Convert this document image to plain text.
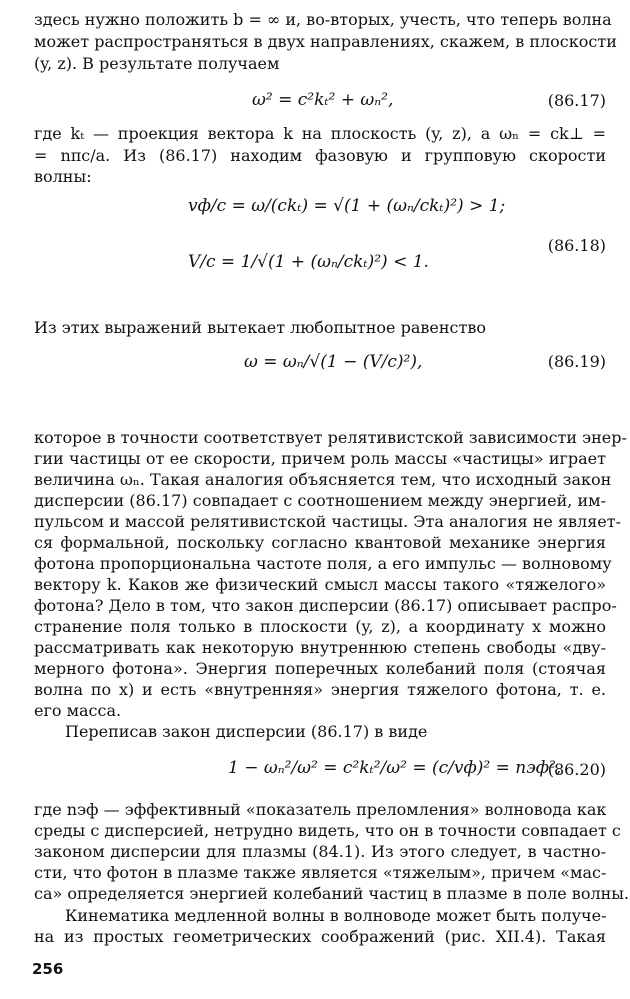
здесь нужно положить b = ∞ и, во-вторых, учесть, что теперь волна
может распространяться в двух направлениях, скажем, в плоскости
(y, z). В результате получаем
ω² = c²kₜ² + ωₙ²,	(86.17)
где kₜ — проекция вектора k на плоскость (y, z), а ωₙ = ck⊥ =
= nπc/a. Из (86.17) находим фазовую и групповую скорости
волны:
vф/c = ω/(ckₜ) = √(1 + (ωₙ/ckₜ)²) > 1;
V/c = 1/√(1 + (ωₙ/ckₜ)²) < 1.
(86.18)
Из этих выражений вытекает любопытное равенство
ω = ωₙ/√(1 − (V/c)²),	(86.19)
которое в точности соответствует релятивистской зависимости энер-
гии частицы от ее скорости, причем роль массы «частицы» играет
величина ωₙ. Такая аналогия объясняется тем, что исходный закон
дисперсии (86.17) совпадает с соотношением между энергией, им-
пульсом и массой релятивистской частицы. Эта аналогия не являет-
ся формальной, поскольку согласно квантовой механике энергия
фотона пропорциональна частоте поля, а его импульс — волновому
вектору k. Каков же физический смысл массы такого «тяжелого»
фотона? Дело в том, что закон дисперсии (86.17) описывает распро-
странение поля только в плоскости (y, z), а координату x можно
рассматривать как некоторую внутреннюю степень свободы «дву-
мерного фотона». Энергия поперечных колебаний поля (стоячая
волна по x) и есть «внутренняя» энергия тяжелого фотона, т. е.
его масса.
Переписав закон дисперсии (86.17) в виде
1 − ωₙ²/ω² = c²kₜ²/ω² = (c/vф)² = nэф²,
(86.20)
где nэф — эффективный «показатель преломления» волновода как
среды с дисперсией, нетрудно видеть, что он в точности совпадает с
законом дисперсии для плазмы (84.1). Из этого следует, в частно-
сти, что фотон в плазме также является «тяжелым», причем «мас-
са» определяется энергией колебаний частиц в плазме в поле волны.
Кинематика медленной волны в волноводе может быть получе-
на из простых геометрических соображений (рис. XII.4). Такая
256
